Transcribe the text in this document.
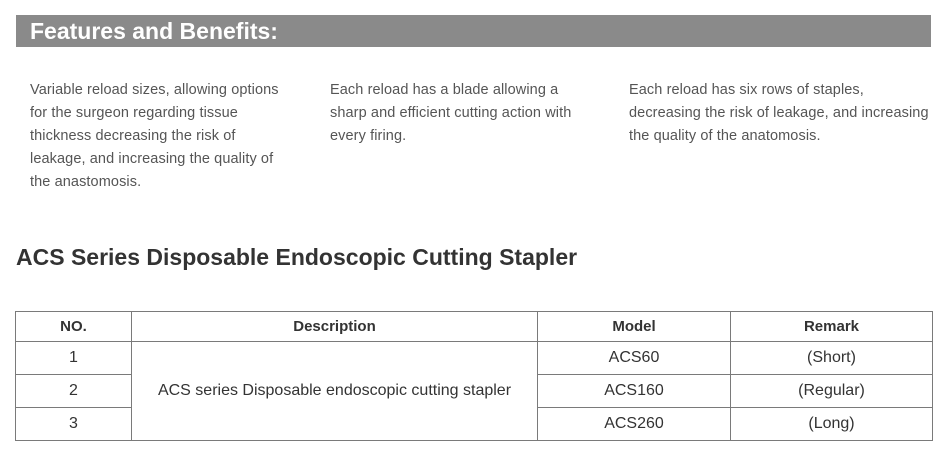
Features and Benefits:
Variable reload sizes, allowing options for the surgeon regarding tissue thickness decreasing the risk of leakage, and increasing the quality of the anastomosis.
Each reload has a blade allowing a sharp and efficient cutting action with every firing.
Each reload has six rows of staples, decreasing the risk of leakage, and increasing the quality of the anatomosis.
ACS Series Disposable Endoscopic Cutting Stapler
NO.	Description	Model	Remark
1	ACS series Disposable endoscopic cutting stapler	ACS60	(Short)
2		ACS160	(Regular)
3		ACS260	(Long)
